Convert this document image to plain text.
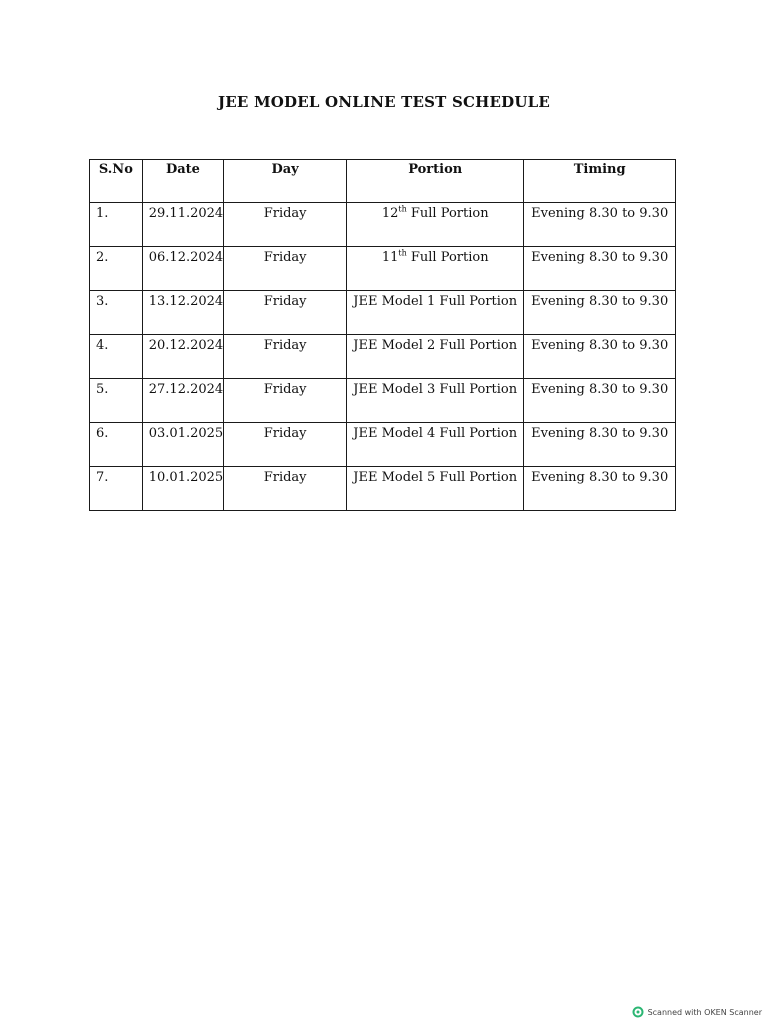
JEE MODEL ONLINE TEST SCHEDULE
S.No	Date	Day	Portion	Timing
1.	29.11.2024	Friday	12th Full Portion	Evening 8.30 to 9.30
2.	06.12.2024	Friday	11th Full Portion	Evening 8.30 to 9.30
3.	13.12.2024	Friday	JEE Model 1 Full Portion	Evening 8.30 to 9.30
4.	20.12.2024	Friday	JEE Model 2 Full Portion	Evening 8.30 to 9.30
5.	27.12.2024	Friday	JEE Model 3 Full Portion	Evening 8.30 to 9.30
6.	03.01.2025	Friday	JEE Model 4 Full Portion	Evening 8.30 to 9.30
7.	10.01.2025	Friday	JEE Model 5 Full Portion	Evening 8.30 to 9.30
Scanned with OKEN Scanner
